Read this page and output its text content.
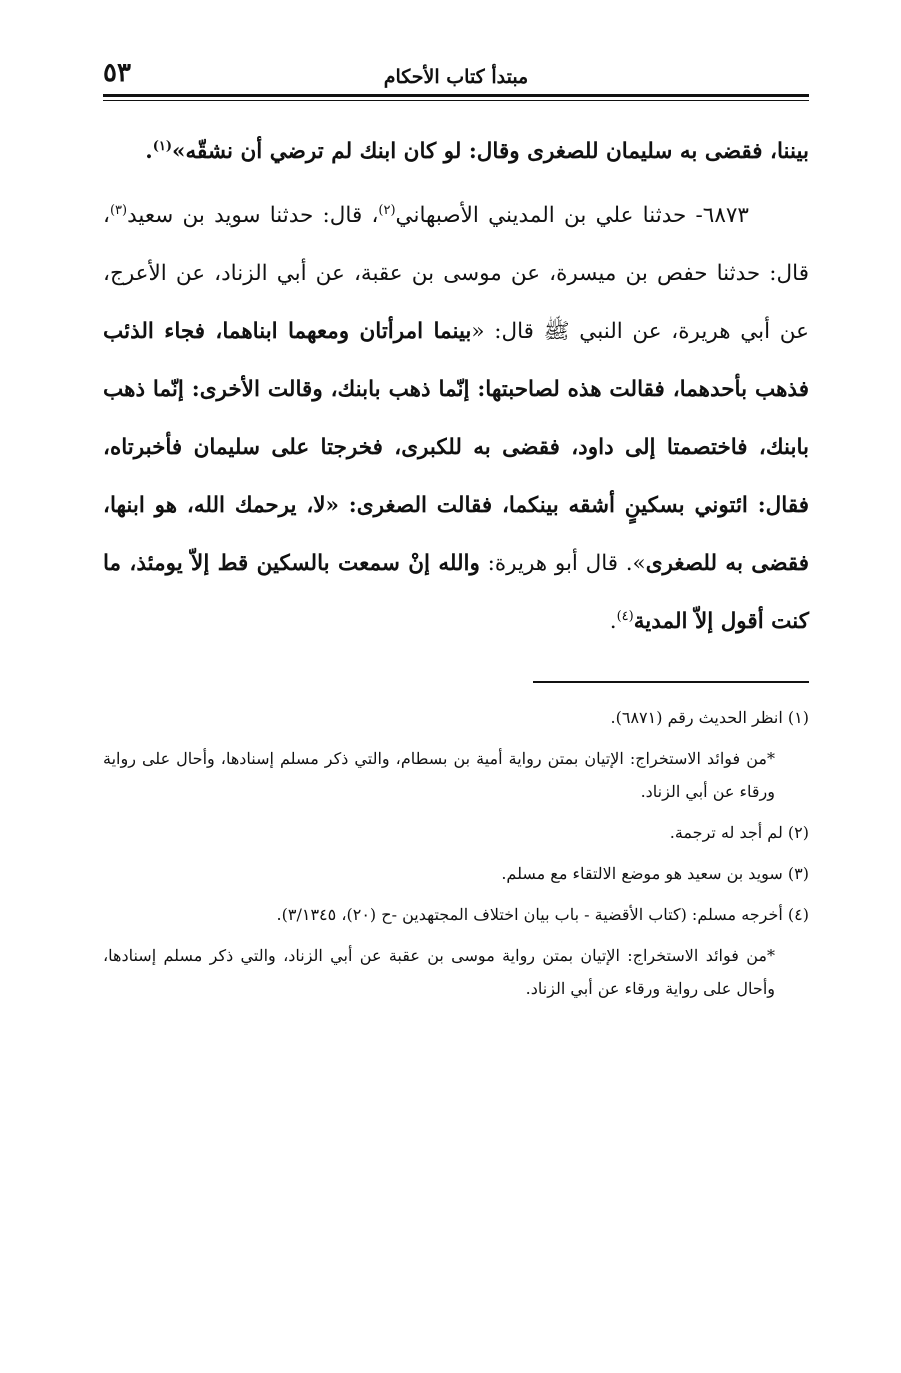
مبتدأ كتاب الأحكام
٥٣

بيننا، فقضى به سليمان للصغرى وقال: لو كان ابنك لم ترضي أن نشقّه»$^{(١)}$.

٦٨٧٣- حدثنا علي بن المديني الأصبهاني$^{(٢)}$، قال: حدثنا سويد بن سعيد$^{(٣)}$، قال: حدثنا حفص بن ميسرة، عن موسى بن عقبة، عن أبي الزناد، عن الأعرج، عن أبي هريرة، عن النبي ﷺ قال: «بينما امرأتان ومعهما ابناهما، فجاء الذئب فذهب بأحدهما، فقالت هذه لصاحبتها: إنّما ذهب بابنك، وقالت الأخرى: إنّما ذهب بابنك، فاختصمتا إلى داود، فقضى به للكبرى، فخرجتا على سليمان فأخبرتاه، فقال: ائتوني بسكينٍ أشقه بينكما، فقالت الصغرى: «لا، يرحمك الله، هو ابنها، فقضى به للصغرى». قال أبو هريرة: والله إنْ سمعت بالسكين قط إلاّ يومئذ، ما كنت أقول إلاّ المدية$^{(٤)}$.

(١) انظر الحديث رقم (٦٨٧١).

*من فوائد الاستخراج: الإتيان بمتن رواية أمية بن بسطام، والتي ذكر مسلم إسنادها، وأحال على رواية ورقاء عن أبي الزناد.

(٢) لم أجد له ترجمة.

(٣) سويد بن سعيد هو موضع الالتقاء مع مسلم.

(٤) أخرجه مسلم: (كتاب الأقضية - باب بيان اختلاف المجتهدين -ح (٢٠)، ٣/١٣٤٥).

*من فوائد الاستخراج: الإتيان بمتن رواية موسى بن عقبة عن أبي الزناد، والتي ذكر مسلم إسنادها، وأحال على رواية ورقاء عن أبي الزناد.
